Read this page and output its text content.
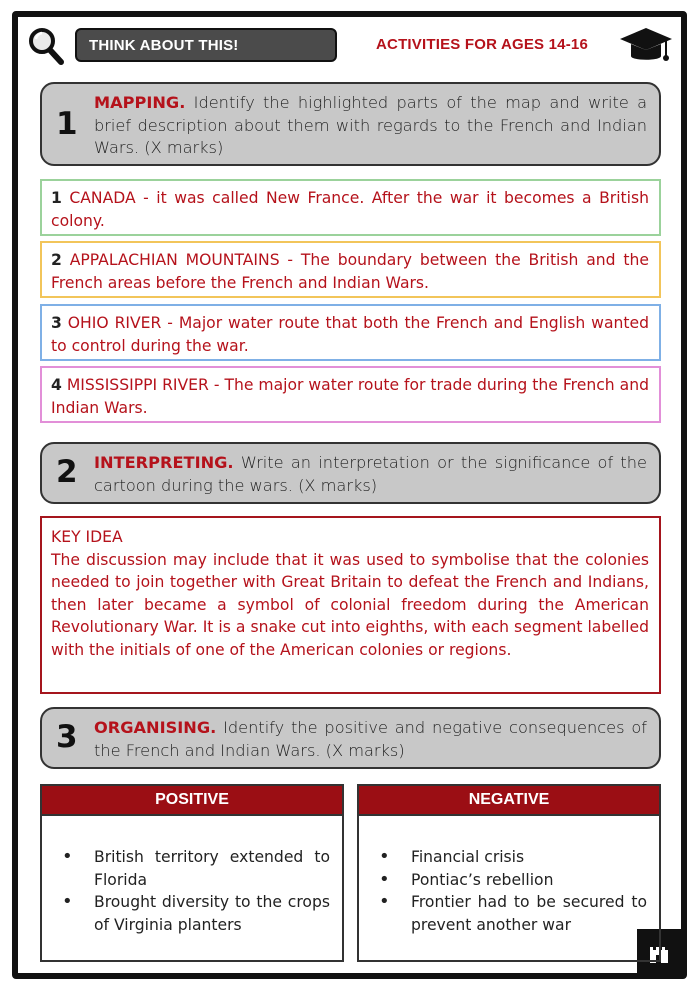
THINK ABOUT THIS!	ACTIVITIES FOR AGES 14-16
1
MAPPING. Identify the highlighted parts of the map and write a brief description about them with regards to the French and Indian Wars. (X marks)
1 CANADA - it was called New France. After the war it becomes a British colony.
2 APPALACHIAN MOUNTAINS - The boundary between the British and the French areas before the French and Indian Wars.
3 OHIO RIVER - Major water route that both the French and English wanted to control during the war.
4 MISSISSIPPI RIVER - The major water route for trade during the French and Indian Wars.
2 INTERPRETING. Write an interpretation or the significance of the cartoon during the wars. (X marks)
KEY IDEA
The discussion may include that it was used to symbolise that the colonies needed to join together with Great Britain to defeat the French and Indians, then later became a symbol of colonial freedom during the American Revolutionary War. It is a snake cut into eighths, with each segment labelled with the initials of one of the American colonies or regions.
3 ORGANISING. Identify the positive and negative consequences of the French and Indian Wars. (X marks)
POSITIVE
• British territory extended to Florida
• Brought diversity to the crops of Virginia planters
NEGATIVE
• Financial crisis
• Pontiac’s rebellion
• Frontier had to be secured to prevent another war
